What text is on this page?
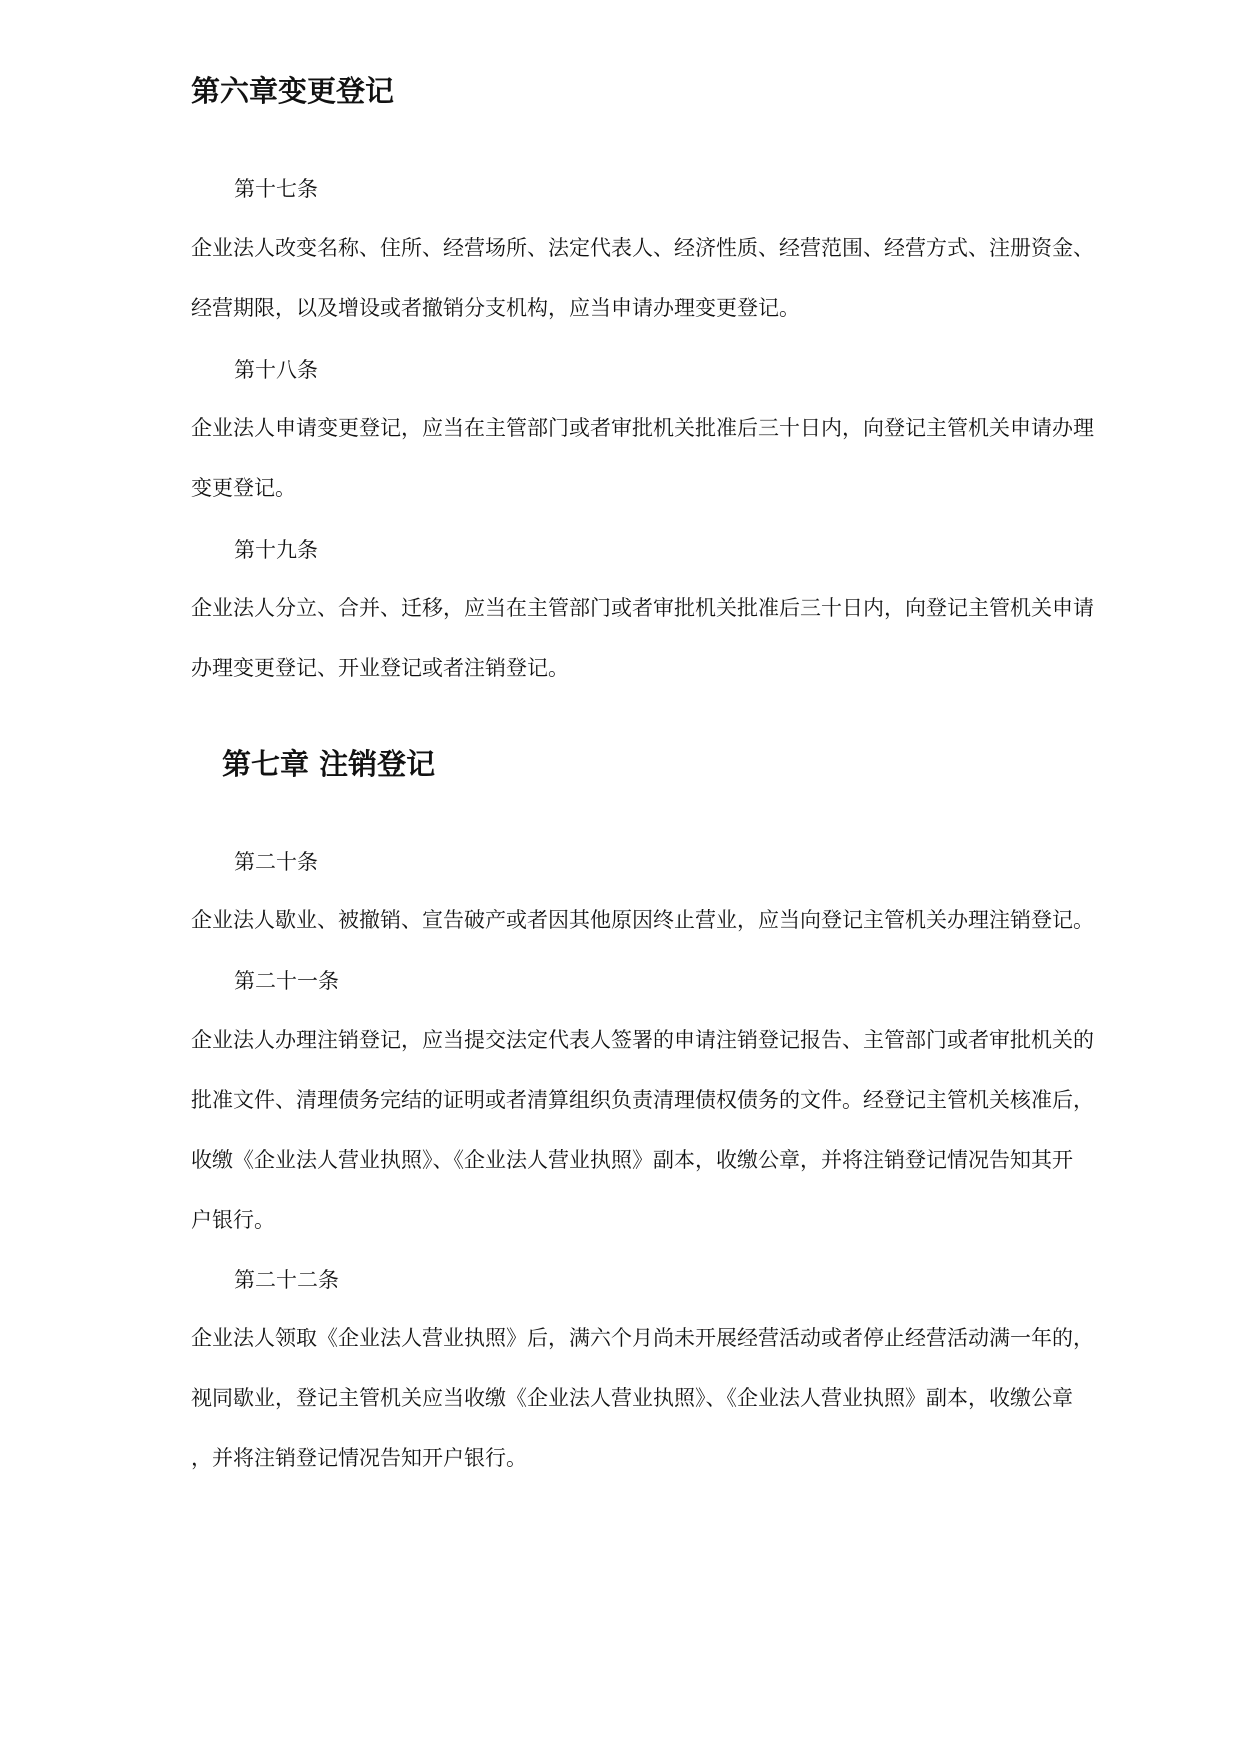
第六章变更登记
第十七条
企业法人改变名称、住所、经营场所、法定代表人、经济性质、经营范围、经营方式、注册资金、
经营期限，以及增设或者撤销分支机构，应当申请办理变更登记。
第十八条
企业法人申请变更登记，应当在主管部门或者审批机关批准后三十日内，向登记主管机关申请办理
变更登记。
第十九条
企业法人分立、合并、迁移，应当在主管部门或者审批机关批准后三十日内，向登记主管机关申请
办理变更登记、开业登记或者注销登记。
第七章 注销登记
第二十条
企业法人歇业、被撤销、宣告破产或者因其他原因终止营业，应当向登记主管机关办理注销登记。
第二十一条
企业法人办理注销登记，应当提交法定代表人签署的申请注销登记报告、主管部门或者审批机关的
批准文件、清理债务完结的证明或者清算组织负责清理债权债务的文件。经登记主管机关核准后，
收缴《企业法人营业执照》、《企业法人营业执照》副本，收缴公章，并将注销登记情况告知其开
户银行。
第二十二条
企业法人领取《企业法人营业执照》后，满六个月尚未开展经营活动或者停止经营活动满一年的，
视同歇业，登记主管机关应当收缴《企业法人营业执照》、《企业法人营业执照》副本，收缴公章
，并将注销登记情况告知开户银行。
